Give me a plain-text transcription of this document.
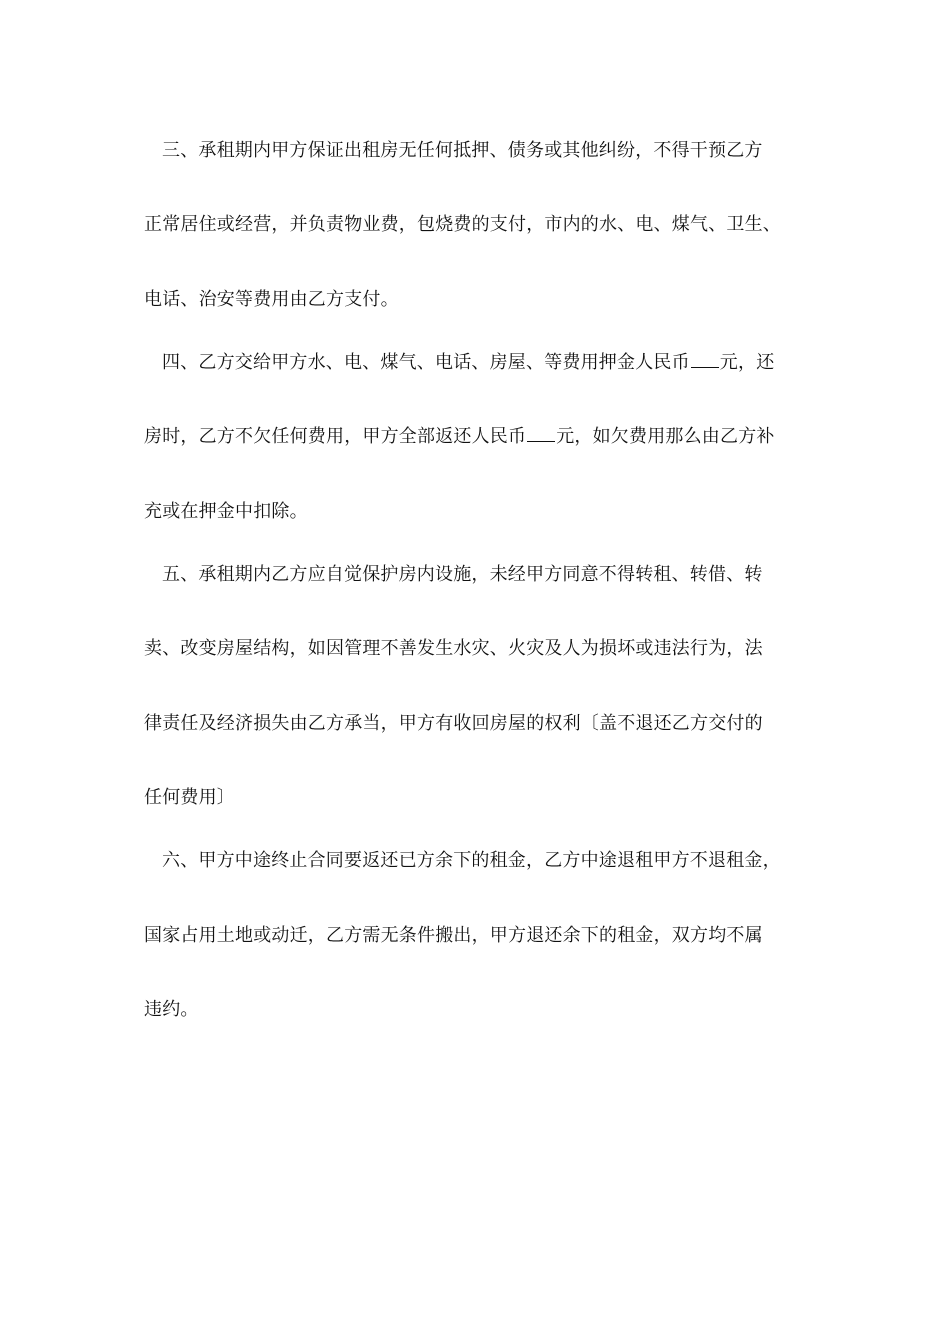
三、承租期内甲方保证出租房无任何抵押、债务或其他纠纷，不得干预乙方
正常居住或经营，并负责物业费，包烧费的支付，市内的水、电、煤气、卫生、
电话、治安等费用由乙方支付。
四、乙方交给甲方水、电、煤气、电话、房屋、等费用押金人民币 元，还
房时，乙方不欠任何费用，甲方全部返还人民币 元，如欠费用那么由乙方补
充或在押金中扣除。
五、承租期内乙方应自觉保护房内设施，未经甲方同意不得转租、转借、转
卖、改变房屋结构，如因管理不善发生水灾、火灾及人为损坏或违法行为，法
律责任及经济损失由乙方承当，甲方有收回房屋的权利〔盖不退还乙方交付的
任何费用〕
六、甲方中途终止合同要返还已方余下的租金，乙方中途退租甲方不退租金，
国家占用土地或动迁，乙方需无条件搬出，甲方退还余下的租金，双方均不属
违约。
